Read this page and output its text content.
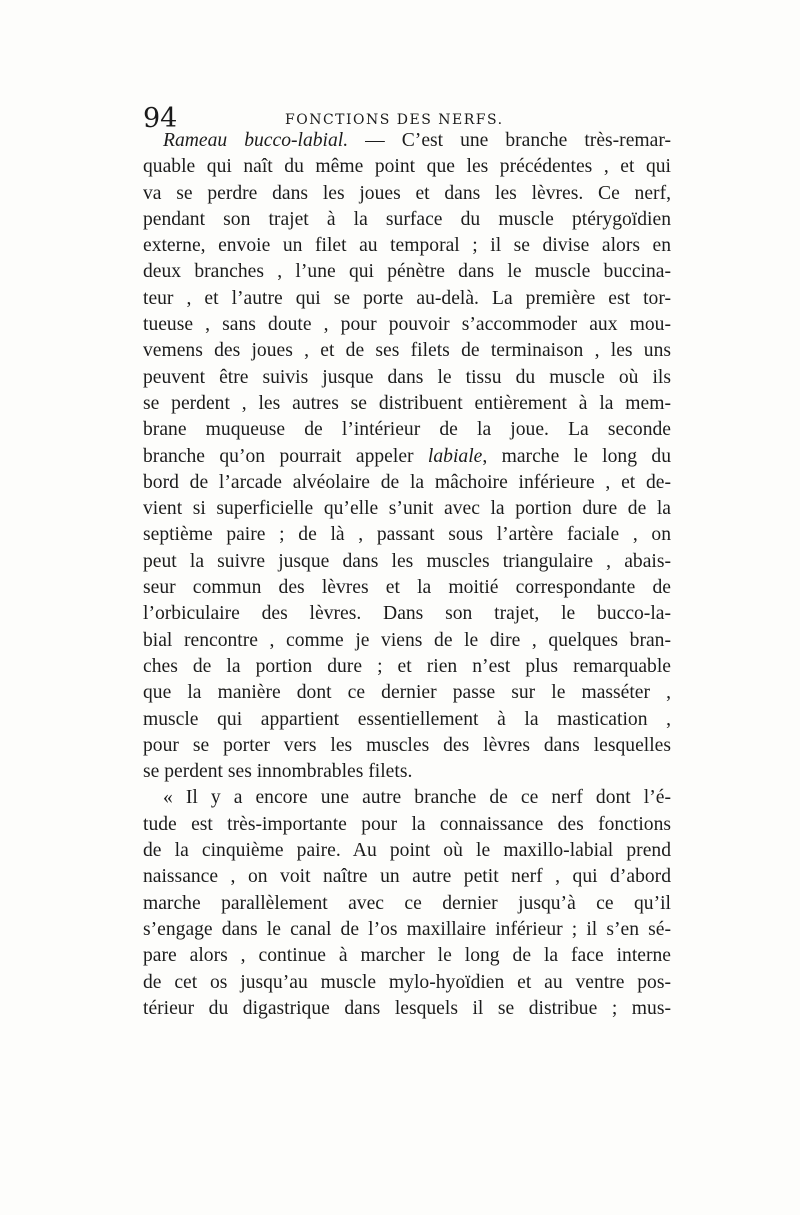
94	FONCTIONS DES NERFS.
Rameau bucco-labial. — C’est une branche très-remar-
quable qui naît du même point que les précédentes , et qui
va se perdre dans les joues et dans les lèvres. Ce nerf,
pendant son trajet à la surface du muscle ptérygoïdien
externe, envoie un filet au temporal ; il se divise alors en
deux branches , l’une qui pénètre dans le muscle buccina-
teur , et l’autre qui se porte au-delà. La première est tor-
tueuse , sans doute , pour pouvoir s’accommoder aux mou-
vemens des joues , et de ses filets de terminaison , les uns
peuvent être suivis jusque dans le tissu du muscle où ils
se perdent , les autres se distribuent entièrement à la mem-
brane muqueuse de l’intérieur de la joue. La seconde
branche qu’on pourrait appeler labiale, marche le long du
bord de l’arcade alvéolaire de la mâchoire inférieure , et de-
vient si superficielle qu’elle s’unit avec la portion dure de la
septième paire ; de là , passant sous l’artère faciale , on
peut la suivre jusque dans les muscles triangulaire , abais-
seur commun des lèvres et la moitié correspondante de
l’orbiculaire des lèvres. Dans son trajet, le bucco-la-
bial rencontre , comme je viens de le dire , quelques bran-
ches de la portion dure ; et rien n’est plus remarquable
que la manière dont ce dernier passe sur le masséter ,
muscle qui appartient essentiellement à la mastication ,
pour se porter vers les muscles des lèvres dans lesquelles
se perdent ses innombrables filets.
« Il y a encore une autre branche de ce nerf dont l’é-
tude est très-importante pour la connaissance des fonctions
de la cinquième paire. Au point où le maxillo-labial prend
naissance , on voit naître un autre petit nerf , qui d’abord
marche parallèlement avec ce dernier jusqu’à ce qu’il
s’engage dans le canal de l’os maxillaire inférieur ; il s’en sé-
pare alors , continue à marcher le long de la face interne
de cet os jusqu’au muscle mylo-hyoïdien et au ventre pos-
térieur du digastrique dans lesquels il se distribue ; mus-
